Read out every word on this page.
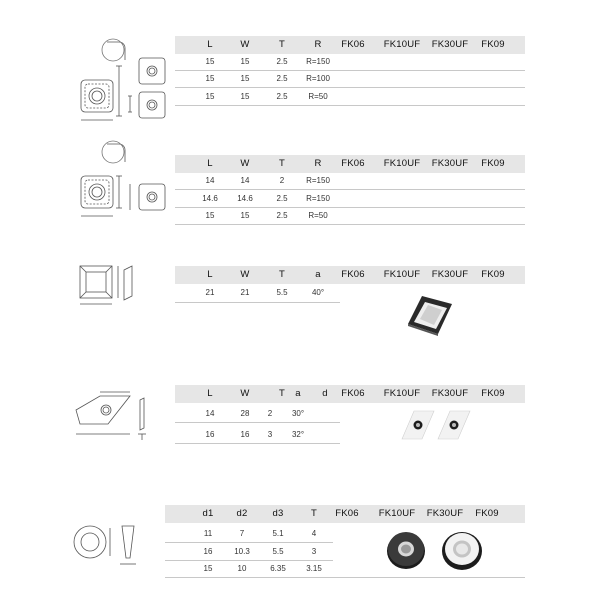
L	W	T	R	FK06	FK10UF	FK30UF	FK09
15	15	2.5	R=150
15	15	2.5	R=100
15	15	2.5	R=50
L	W	T	R	FK06	FK10UF	FK30UF	FK09
14	14	2	R=150
14.6	14.6	2.5	R=150
15	15	2.5	R=50
L	W	T	a	FK06	FK10UF	FK30UF	FK09
21	21	5.5	40°
L	W	T	a	d	FK06	FK10UF	FK30UF	FK09
14	28	2	30°
16	16	3	32°
d1	d2	d3	T	FK06	FK10UF	FK30UF	FK09
11	7	5.1	4
16	10.3	5.5	3
15	10	6.35	3.15
